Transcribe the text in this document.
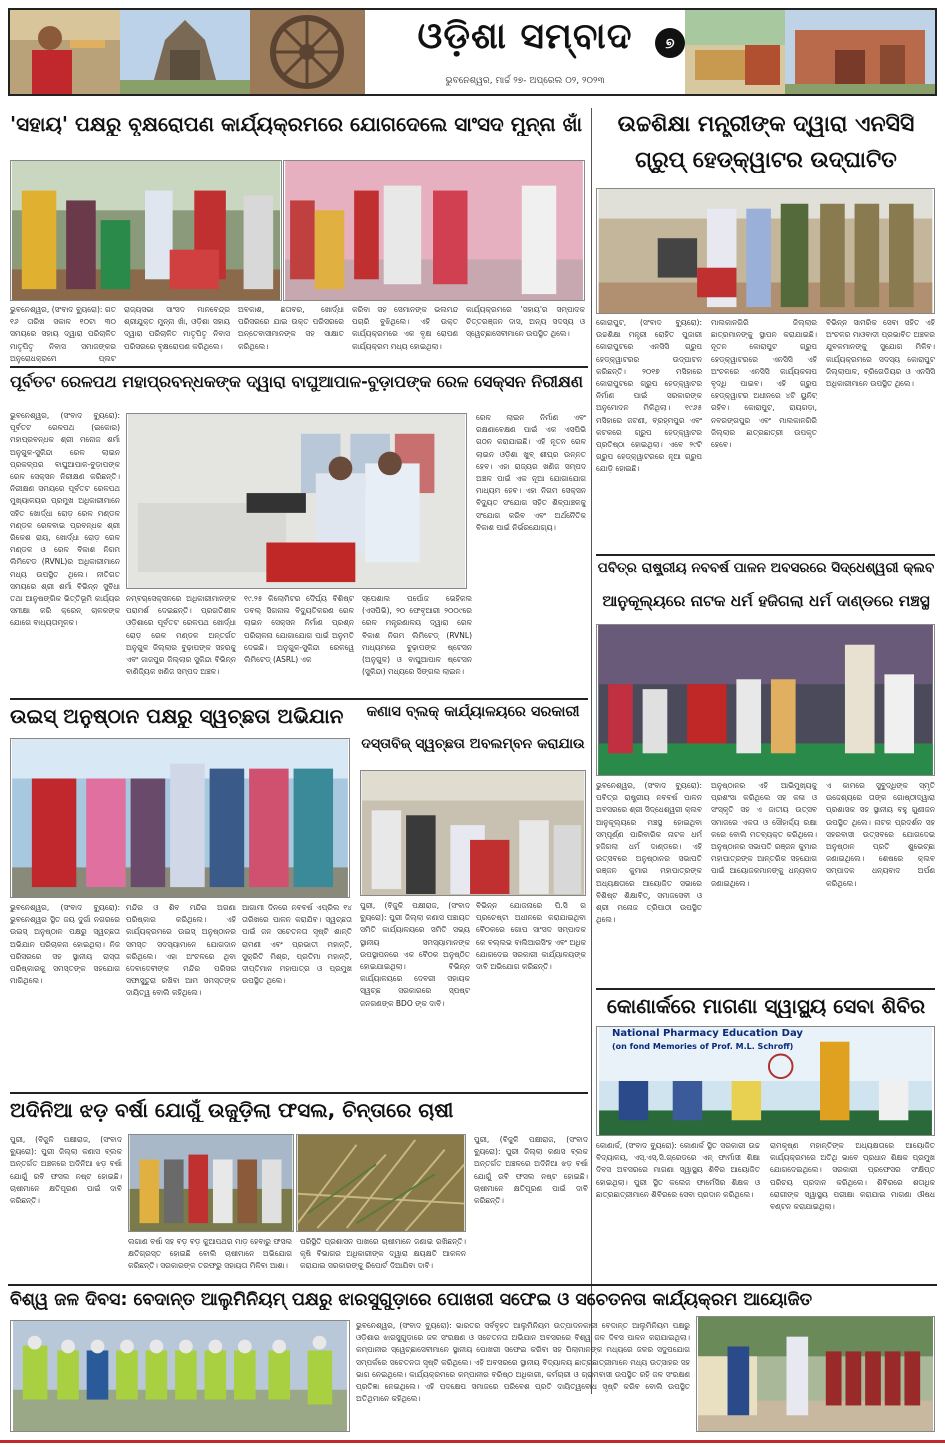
ଓଡ଼ିଶା ସମ୍ବାଦ	୭
ଭୁବନେଶ୍ୱର, ମାର୍ଚ୍ଚ ୨୭- ଅପ୍ରେଲ ୦୨, ୨୦୨୩
'ସହାୟ' ପକ୍ଷରୁ ବୃକ୍ଷରୋପଣ କାର୍ଯ୍ୟକ୍ରମରେ ଯୋଗଦେଲେ ସାଂସଦ ମୁନ୍ନା ଖାଁ
ଭୁବନେଶ୍ୱର, (ସଂବାଦ ବ୍ୟୁରୋ): ଗତ ୧୬ ତାରିଖ ସକାଳ ୧୦ଟା ୩୦ ସମୟରେ ସହାୟ ଦ୍ୱାରା ପରିଚାଳିତ ମାତୃପିତୃ ନିବାସ ସମାଜଙ୍କର ଅନୁରୋଧକ୍ରମେ ପ୍ଲଟ
ରାଜ୍ୟସଭା ସାଂସଦ ମାନବେନ୍ଦ୍ର ଶ୍ରୀଯୁକ୍ତ ମୁନ୍ନା ଖାଁ, ଓଡ଼ିଶା ସହାୟ ଦ୍ୱାରା ପରିଚାଳିତ ମାତୃପିତୃ ନିବାସ ପରିସରରେ ବୃକ୍ଷରୋପଣ କରିଥିଲେ।
ଅବକାଶ, ଛତାବର, ଖୋର୍ଦ୍ଧା ପରିସରରେ ଯାଇ ଉକ୍ତ ପରିସରରେ ଅନ୍ତେବାସୀମାନଙ୍କ ସହ ସାକ୍ଷାତ କରିଥିଲେ।
କରିବା ସହ ସେମାନଙ୍କ ଭଲମନ୍ଦ ପଚାରି ବୁଝିଥିଲେ। ଏହି ଉକ୍ତ କାର୍ଯ୍ୟକ୍ରମରେ ଏକ ବୃକ୍ଷ ରୋପଣ କାର୍ଯ୍ୟକ୍ରମ ମଧ୍ୟ ହୋଇଥିଲା।
କାର୍ଯ୍ୟକ୍ରମରେ 'ସହାୟ'ର ସମ୍ପାଦକ ଚିତ୍ତରଞ୍ଜନ ଦାସ, ଅନ୍ୟ ସଦସ୍ୟ ଓ ସ୍ୱେଚ୍ଛାସେବୀମାନେ ଉପସ୍ଥିତ ଥିଲେ।
ଉଚ୍ଚଶିକ୍ଷା ମନ୍ତ୍ରୀଙ୍କ ଦ୍ୱାରା ଏନସିସି
ଗ୍ରୁପ୍ ହେଡ୍‌କ୍ୱାଟର ଉଦ୍‌ଘାଟିତ
କୋରାପୁଟ, (ସଂବାଦ ବ୍ୟୁରୋ): ଉଚ୍ଚଶିକ୍ଷା ମନ୍ତ୍ରୀ ରୋହିତ ପୁଜାରୀ କୋରାପୁଟରେ ଏନସିସି ଗ୍ରୁପ ହେଡ୍‌କ୍ୱାଟରର ଉଦ୍‌ଘାଟନ କରିଛନ୍ତି। ୨୦୧୭ ମସିହାରେ କୋରାପୁଟରେ ଗ୍ରୁପ ହେଡ୍‌କ୍ୱାଟର ନିର୍ମାଣ ପାଇଁ ସରକାରଙ୍କ ଅନୁମୋଦନ ମିଳିଥିଲା। ୧୯୬୫ ମସିହାରେ ଜଟଣୀ, ବ୍ରହ୍ମପୁର ଏବଂ କଟକରେ ଗ୍ରୁପ ହେଡ୍‌କ୍ୱାଟର ପ୍ରତିଷ୍ଠା ହୋଇଥିଲା। ଏବେ ୨୯ଟି ଗ୍ରୁପ ହେଡ୍‌କ୍ୱାଟରରେ ନୂଆ ଗ୍ରୁପ ଯୋଡ଼ି ହୋଇଛି।
ମାଲକାନଗିରି ଜିଲ୍ଲାର ଛାତ୍ରମାନଙ୍କୁ ସ୍ଥାପନ କରାଯାଇଛି। ନୂତନ କୋରାପୁଟ ଗ୍ରୁପ ହେଡ୍‌କ୍ୱାଟରରେ ଏନସିସି ଏହି ଅଂଚଳରେ ଏନସିସି କାର୍ଯ୍ୟକଳାପ ବୃଦ୍ଧି ପାଇବ। ଏହି ଗ୍ରୁପ ହେଡ୍‌କ୍ୱାଟର ଅଧୀନରେ ୪ଟି ୟୁନିଟ୍ ରହିବ। କୋରାପୁଟ, ରାୟଗଡ଼ା, ନବରଙ୍ଗପୁର ଏବଂ ମାଲକାନଗିରି ଜିଲ୍ଲାର ଛାତ୍ରଛାତ୍ରୀ ଉପକୃତ ହେବେ।
ବିଭିନ୍ନ ସାମରିକ ସେବା ସହିତ ଏହି ଅଂଚଳର ମାଓବାଦୀ ପ୍ରଭାବିତ ଅଞ୍ଚଳର ଯୁବକମାନଙ୍କୁ ସୁଯୋଗ ମିଳିବ। କାର୍ଯ୍ୟକ୍ରମରେ ସଦସ୍ୟ କୋରାପୁଟ ଜିଲ୍ଲାପାଳ, ବ୍ରିଗେଡିୟର ଓ ଏନସିସି ଅଧିକାରୀମାନେ ଉପସ୍ଥିତ ଥିଲେ।
ପୂର୍ବତଟ ରେଳପଥ ମହାପ୍ରବନ୍ଧକଙ୍କ ଦ୍ୱାରା ବାଘୁଆପାଳ-ବୁଡ଼ାପଙ୍କ ରେଳ ସେକ୍ସନ ନିରୀକ୍ଷଣ
ଭୁବନେଶ୍ୱର, (ସଂବାଦ ବ୍ୟୁରୋ): ପୂର୍ବତଟ ରେଳପଥ (ଇକୋର) ମହାପ୍ରବନ୍ଧକ ଶ୍ରୀ ମନୋଜ ଶର୍ମା ଅନୁଗୁଳ-ସୁକିନ୍ଦା ରେଳ ଲାଇନ ପ୍ରକଳ୍ପର ବାଘୁଆପାଳ-ବୁଡ଼ାପଙ୍କ ରେଳ ସେକ୍ସନ ନିରୀକ୍ଷଣ କରିଛନ୍ତି। ନିରୀକ୍ଷଣ ସମୟରେ ପୂର୍ବତଟ ରେଳପଥ ମୁଖ୍ୟାଳୟର ପ୍ରମୁଖ ଅଧିକାରୀମାନେ ସହିତ ଖୋର୍ଦ୍ଧା ରୋଡ଼ ରେଳ ମଣ୍ଡଳ ମଣ୍ଡଳ ରେଳବାଇ ପ୍ରବନ୍ଧକ ଶ୍ରୀ ରିକେଶ ରାୟ, ଖୋର୍ଦ୍ଧା ରୋଡ଼ ରେଳ ମଣ୍ଡଳ ଓ ରେଳ ବିକାଶ ନିଗମ ଲିମିଟେଡ (RVNL)ର ଅଧିକାରୀମାନେ ମଧ୍ୟ ଉପସ୍ଥିତ ଥିଲେ। ନୀତିଗତ ସମୟରେ ଶ୍ରୀ ଶର୍ମା ବିଭିନ୍ନ ସୁବିଧା ତଥା ଆନୁଷଙ୍ଗିକ ଭିତ୍ତିଭୂମି କାର୍ଯ୍ୟର ସମୀକ୍ଷା କରି କ୍ରେନ୍ ଚାଳକଙ୍କ ଯୋଗେ ବାଧ୍ୟତାମୂଳକ।
ନମ୍ବର୍‌ସେକ୍ସନରେ ଅଧିକାରୀମାନଙ୍କ ପରାମର୍ଶ ଦେଇଛନ୍ତି। ପ୍ରଗତିଶୀଳ ଓଡ଼ିଶାରେ ପୂର୍ବତଟ ରେଳପଥ ଖୋର୍ଦ୍ଧା ରୋଡ଼ ରେଳ ମଣ୍ଡଳ ଅନ୍ତର୍ଗତ ଅନୁଗୁଳ ଜିଲ୍ଲାର ବୁଢ଼ାପଙ୍କ ସହରକୁ ଏବଂ ଜାଜପୁର ଜିଲ୍ଲାର ସୁକିନ୍ଦା ବିଭିନ୍ନ ବାଣିଜ୍ୟିକ ଖଣିଜ ସମ୍ପଦ ଅଞ୍ଚଳ।
୧୯.୨୫ କିଲୋମିଟର ଦୈର୍ଘ୍ୟ ବିଶିଷ୍ଟ ଡବଲ୍ ସିଗନାଲ ବିଦ୍ୟୁତିକରଣ ରେଳ ଲାଇନ ସେକ୍ସନ ନିର୍ମାଣ ପ୍ରଶ୍ନ ପରିଚାଳନା ଯୋଗାଯୋଗ ପାଇଁ ଅନୁମତି ଦେଇଛି। ଅନୁଗୁଳ-ସୁକିନ୍ଦା ରେଳୱେ ଲିମିଟେଡ୍ (ASRL) ଏକ
ସ୍ପେଶାଲ ପର୍ପୋଜ ଭେହିକଲ (ଏସପିଭି), ୨୦ ଫେବୃଆରୀ ୨୦୦୯ରେ ରେଳ ମନ୍ତ୍ରଣାଳୟ ଦ୍ୱାରା ରେଳ ବିକାଶ ନିଗମ ଲିମିଟେଡ୍ (RVNL) ମାଧ୍ୟମରେ ବୁଢ଼ାପଙ୍କ ଷ୍ଟେସନ (ଅନୁଗୁଳ) ଓ ବାଘୁଆପାଳ ଷ୍ଟେସନ (ସୁକିନ୍ଦା) ମଧ୍ୟରେ ସିଙ୍ଗଲ ଲାଇନ।
ରେଳ ଲାଇନ ନିର୍ମାଣ ଏବଂ ରକ୍ଷଣାବେକ୍ଷଣ ପାଇଁ ଏକ ଏସପିଭି ଗଠନ କରାଯାଇଛି। ଏହି ନୂତନ ରେଳ ଲାଇନ ଓଡ଼ିଶା ଖୁବ୍ ଶୀଘ୍ର ଉନ୍ନତ ହେବ। ଏହା ରାଜ୍ୟର ଖଣିଜ ସମ୍ପଦ ଅଞ୍ଚଳ ପାଇଁ ଏକ ନୂଆ ଯୋଗାଯୋଗ ମାଧ୍ୟମ ହେବ। ଏହା ନିଗମ ସେକ୍ସନ ବିଦ୍ୟୁତ ସଂଯୋଗ ସହିତ ଶିଳ୍ପାଞ୍ଚଳକୁ ସଂଯୋଗ କରିବ ଏବଂ ଅର୍ଥନୈତିକ ବିକାଶ ପାଇଁ ନିର୍ଭରଯୋଗ୍ୟ।
ପବିତ୍ର ରାଷ୍ଟ୍ରୀୟ ନବବର୍ଷ ପାଳନ ଅବସରରେ ସିଦ୍ଧେଶ୍ୱରୀ କ୍ଲବ
ଆନୁକୂଲ୍ୟରେ ନାଟକ ଧର୍ମ ହଜିଗଲା ଧର୍ମ ଦାଣ୍ଡରେ ମଞ୍ଚସ୍ଥ
ଭୁବନେଶ୍ୱର, (ସଂବାଦ ବ୍ୟୁରୋ): ପବିତ୍ର ରାଷ୍ଟ୍ରୀୟ ନବବର୍ଷ ପାଳନ ଅବସରରେ ଶ୍ରୀ ସିଦ୍ଧେଶ୍ୱରୀ କ୍ଲବ ଆନୁକୂଲ୍ୟରେ ମଞ୍ଚସ୍ଥ ହୋଇଥିବା ସମ୍ପୂର୍ଣ୍ଣ ପାରିବାରିକ ନାଟକ ଧର୍ମ ହଜିଗଲା ଧର୍ମ ଦାଣ୍ଡରେ। ଏହି ଉତ୍ସବରେ ଅନୁଷ୍ଠାନର ସଭାପତି ରଞ୍ଜନ କୁମାର ମହାପାତ୍ରଙ୍କ ଅଧ୍ୟକ୍ଷତାରେ ଆୟୋଜିତ ସଭାରେ ବିଶିଷ୍ଟ ଶିକ୍ଷାବିତ୍, ସମାଜସେବୀ ଓ ଶ୍ରୀ ମନୋଜ ତ୍ରିପାଠୀ ଉପସ୍ଥିତ ଥିଲେ।
ଅନୁଷ୍ଠାନର ଏହି ଆଭିମୁଖ୍ୟକୁ ପ୍ରଶଂସା କରିଥିଲେ ସହ କଳା ଓ ସଂସ୍କୃତି ସହ ଏ ଜାତୀୟ ଉତ୍ସବ ସମାଜରେ ଏକତା ଓ ସୌହାର୍ଦ୍ଦ୍ୟ ରକ୍ଷା କରେ ବୋଲି ମତବ୍ୟକ୍ତ କରିଥିଲେ। ଅନୁଷ୍ଠାନର ସଭାପତି ରଞ୍ଜନ କୁମାର ମହାପାତ୍ରଙ୍କ ଆନ୍ତରିକ ସହଯୋଗ ପାଇଁ ଆୟୋଜକମାନଙ୍କୁ ଧନ୍ୟବାଦ ଜଣାଇଥିଲେ।
ଏ କାମରେ ସୁବୁଦ୍ଧିଙ୍କ ସ୍ମୃତି ଉଦ୍ଦେଶ୍ୟରେ ତାଙ୍କ ଗୋଷ୍ଠୀଦ୍ୱାରା ପ୍ରଶାସକ ସହ ସ୍ଥାନୀୟ ବହୁ ଗୁଣୀଜନ ଉପସ୍ଥିତ ଥିଲେ। ନାଟକ ପ୍ରଦର୍ଶନ ସହ ସହରବାସୀ ଉତ୍ସବରେ ଯୋଗଦେଇ ଅନୁଷ୍ଠାନ ପ୍ରତି ଶୁଭେଚ୍ଛା ଜଣାଇଥିଲେ। ଶେଷରେ କ୍ଲବ ସମ୍ପାଦକ ଧନ୍ୟବାଦ ଅର୍ପଣ କରିଥିଲେ।
ଉଇସ୍ ଅନୁଷ୍ଠାନ ପକ୍ଷରୁ ସ୍ୱଚ୍ଛତା ଅଭିଯାନ
ଭୁବନେଶ୍ୱର, (ସଂବାଦ ବ୍ୟୁରୋ): ଭୁବନେଶ୍ୱର ସ୍ଥିତ ଜୟ ଦୁର୍ଗା ନଗରରେ ଉଇସ୍ ଅନୁଷ୍ଠାନ ପକ୍ଷରୁ ସ୍ୱଚ୍ଛତା ଅଭିଯାନ ପରିଚାଳନା ହୋଇଥିଲା। ନିଜ ପରିସରରେ ସହ ସ୍ଥାନୀୟ ରାସ୍ତା ପରିଷ୍କାରକୁ ସମସ୍ତଙ୍କ ସହଯୋଗ ମାଗିଥିଲେ।
ମନ୍ଦିର ଓ ଶିବ ମନ୍ଦିର ଅଗଣା ପରିଷ୍କାର କରିଥିଲେ। ଏହି କାର୍ଯ୍ୟକ୍ରମରେ ଉଇସ୍ ଅନୁଷ୍ଠାନର ସମସ୍ତ ସଦସ୍ୟାମାନେ ଯୋଗଦାନ କରିଥିଲେ। ଏହା ଅଂଚଳରେ ଥିବା ଦେବାଦେବୀଙ୍କ ମନ୍ଦିର ପରିସର ସଫାସୁତୁରା ରଖିବା ଆମ ସମସ୍ତଙ୍କ ଦାୟିତ୍ୱ ବୋଲି କହିଥିଲେ।
ଆଗାମୀ ଦିନରେ ନବବର୍ଷ ଏପ୍ରିଲ ୧୪ ତାରିଖରେ ପାଳନ କରାଯିବ। ସ୍ୱଚ୍ଛତା ପାଇଁ ଜନ ସଚେତନତା ସୃଷ୍ଟି ଶାନ୍ତି ରାମଣୀ ଏବଂ ପ୍ରଭାତୀ ମହାନ୍ତି, ସୁକ୍ରିତି ମିଶ୍ର, ପ୍ରତିମା ମହାନ୍ତି, ଦୀପ୍ତିମାନ ମହାପାତ୍ର ଓ ପ୍ରମୁଖ ଉପସ୍ଥିତ ଥିଲେ।
କଣାସ ବ୍ଲକ୍ କାର୍ଯ୍ୟାଳୟରେ ସରକାରୀ
ଦସ୍ତାବିଜ୍ ସ୍ୱଚ୍ଛତା ଅବଲମ୍ବନ କରାଯାଉ
ପୁରୀ, (ବିଜୁଳି ପକ୍ଷୀରାଜ, (ସଂବାଦ ବ୍ୟୁରୋ): ପୁରୀ ଜିଲ୍ଲା କଣାସ ପଞ୍ଚାୟତ ସମିତି କାର୍ଯ୍ୟାଳୟରେ ସମିତି ସଭ୍ୟ ସ୍ଥାନୀୟ ସମସ୍ୟାମାନଙ୍କ ଉପସ୍ଥାପନରେ ଏକ ବୈଠକ ଅନୁଷ୍ଠିତ ହୋଇଯାଇଥିଲା। ବିଭିନ୍ନ କାର୍ଯ୍ୟାଳୟରେ ଦେବରୀ ସହାୟକ ସ୍ୱଚ୍ଛ ସରକାରରେ ସ୍ପଷ୍ଟ ଜନଗଣଙ୍କ BDO ଙ୍କ ଦାବି।
ବିଭିନ୍ନ ଯୋଜନାରେ ପି.ସି ର ପ୍ରଚେଷ୍ଟା ଅଧୀନରେ କରାଯାଇଥିବା ବୈଠକରେ ଗୋପ ସାଂସଦ ସମ୍ପାଦକ କେ ବଲ୍ଲଭ ବାଲିଆରସିଂହ ଏବଂ ଅଧିକ ଯୋଗଦେଇ ସରକାରୀ କାର୍ଯ୍ୟାଳୟଙ୍କ ଦାବି ଅଭିଯୋଗ କରିଛନ୍ତି।
କୋଣାର୍କରେ ମାଗଣା ସ୍ୱାସ୍ଥ୍ୟ ସେବା ଶିବିର
National Pharmacy Education Day
(on fond Memories of Prof. M.L. Schroff)
କୋଣାର୍କ, (ସଂବାଦ ବ୍ୟୁରୋ): କୋଣାର୍କ ସ୍ଥିତ ସରକାରୀ ଉଚ୍ଚ ବିଦ୍ୟାଳୟ, ଏସ୍.ଏସ୍.ସି.ଗ୍ରେଡରେ ଏନ୍ ଫାର୍ମାସୀ ଶିକ୍ଷା ଦିବସ ଅବସରରେ ମାଗଣା ସ୍ୱାସ୍ଥ୍ୟ ଶିବିର ଆୟୋଜିତ ହୋଇଥିଲା। ପୁରୀ ସ୍ଥିତ କଲେଜ ଫାର୍ମେସିର ଶିକ୍ଷକ ଓ ଛାତ୍ରଛାତ୍ରୀମାନେ ଶିବିରରେ ସେବା ପ୍ରଦାନ କରିଥିଲେ।
ରାମକୃଷ୍ଣ ମହାନ୍ତିଙ୍କ ଅଧ୍ୟକ୍ଷତାରେ ଆୟୋଜିତ କାର୍ଯ୍ୟକ୍ରମରେ ଅତିଥି ଭାବେ ପ୍ରଧାନ ଶିକ୍ଷକ ପ୍ରମୁଖ ଯୋଗଦେଇଥିଲେ। ସରକାରୀ ପ୍ରଫେସର ସଂକ୍ଷିପ୍ତ ପରିଚୟ ପ୍ରଦାନ କରିଥିଲେ। ଶିବିରରେ ଶତାଧିକ ରୋଗୀଙ୍କ ସ୍ୱାସ୍ଥ୍ୟ ପରୀକ୍ଷା କରାଯାଇ ମାଗଣା ଔଷଧ ବଣ୍ଟନ କରାଯାଇଥିଲା।
ଅଦିନିଆ ଝଡ଼ ବର୍ଷା ଯୋଗୁଁ ଉଜୁଡ଼ିଲା ଫସଲ, ଚିନ୍ତାରେ ଚାଷୀ
ପୁରୀ, (ବିଜୁଳି ପକ୍ଷୀରାଜ, (ସଂବାଦ ବ୍ୟୁରୋ): ପୁରୀ ଜିଲ୍ଲା କଣାସ ବ୍ଲକ ଅନ୍ତର୍ଗତ ଅଞ୍ଚଳରେ ଅଦିନିଆ ଝଡ଼ ବର୍ଷା ଯୋଗୁଁ ରବି ଫସଲ ନଷ୍ଟ ହୋଇଛି। ଚାଷୀମାନେ କ୍ଷତିପୂରଣ ପାଇଁ ଦାବି କରିଛନ୍ତି।
ଲଗାଣ ବର୍ଷା ସହ ବଡ଼ ବଡ଼ କୁଆପଥର ମାଡ଼ ହେବାରୁ ଫସଲ କ୍ଷତିଗ୍ରସ୍ତ ହୋଇଛି ବୋଲି ଚାଷୀମାନେ ଅଭିଯୋଗ କରିଛନ୍ତି। ସରକାରଙ୍କ ତରଫରୁ ସହାୟତା ମିଳିବା ଆଶା।
ପରିସ୍ଥିତି ପ୍ରଶାସନ ପାଖରେ ଚାଷୀମାନେ ଜଣାଇ ରଖିଛନ୍ତି। କୃଷି ବିଭାଗର ଅଧିକାରୀଙ୍କ ଦ୍ୱାରା କ୍ଷୟକ୍ଷତି ଆକଳନ କରାଯାଇ ସରକାରଙ୍କୁ ରିପୋର୍ଟ ଦିଆଯିବା ଦାବି।
ପୁରୀ, (ବିଜୁଳି ପକ୍ଷୀରାଜ, (ସଂବାଦ ବ୍ୟୁରୋ): ପୁରୀ ଜିଲ୍ଲା କଣାସ ବ୍ଲକ ଅନ୍ତର୍ଗତ ଅଞ୍ଚଳରେ ଅଦିନିଆ ଝଡ଼ ବର୍ଷା ଯୋଗୁଁ ରବି ଫସଲ ନଷ୍ଟ ହୋଇଛି। ଚାଷୀମାନେ କ୍ଷତିପୂରଣ ପାଇଁ ଦାବି କରିଛନ୍ତି।
ବିଶ୍ୱ ଜଳ ଦିବସ: ବେଦାନ୍ତ ଆଲୁମିନିୟମ୍ ପକ୍ଷରୁ ଝାରସୁଗୁଡ଼ାରେ ପୋଖରୀ ସଫେଇ ଓ ସଚେତନତା କାର୍ଯ୍ୟକ୍ରମ ଆୟୋଜିତ
ଭୁବନେଶ୍ୱର, (ସଂବାଦ ବ୍ୟୁରୋ): ଭାରତର ସର୍ବବୃହତ ଆଲୁମିନିୟମ ଉତ୍ପାଦନକାରୀ ବେଦାନ୍ତ ଆଲୁମିନିୟମ ପକ୍ଷରୁ ଓଡ଼ିଶାର ଝାରସୁଗୁଡ଼ାରେ ଜଳ ସଂରକ୍ଷଣ ଓ ସଚେତନତା ଅଭିଯାନ ଅବସରରେ ବିଶ୍ୱ ଜଳ ଦିବସ ପାଳନ କରାଯାଇଥିଲା। କମ୍ପାନୀର ସ୍ୱେଚ୍ଛାସେବୀମାନେ ସ୍ଥାନୀୟ ପୋଖରୀ ସଫେଇ କରିବା ସହ ପିଲାମାନଙ୍କ ମଧ୍ୟରେ ଜଳର ସଦୁପଯୋଗ ସମ୍ପର୍କରେ ସଚେତନତା ସୃଷ୍ଟି କରିଥିଲେ। ଏହି ଅବସରରେ ସ୍ଥାନୀୟ ବିଦ୍ୟାଳୟ ଛାତ୍ରଛାତ୍ରୀମାନେ ମଧ୍ୟ ଉତ୍ସାହର ସହ ଭାଗ ନେଇଥିଲେ। କାର୍ଯ୍ୟକ୍ରମରେ କମ୍ପାନୀର ବରିଷ୍ଠ ଅଧିକାରୀ, କର୍ମଚାରୀ ଓ ଗ୍ରାମବାସୀ ଉପସ୍ଥିତ ରହି ଜଳ ସଂରକ୍ଷଣ ପ୍ରତିଜ୍ଞା ନେଇଥିଲେ। ଏହି ପଦକ୍ଷେପ ସମାଜରେ ପରିବେଶ ପ୍ରତି ଦାୟିତ୍ୱବୋଧ ସୃଷ୍ଟି କରିବ ବୋଲି ଉପସ୍ଥିତ ଅତିଥିମାନେ କହିଥିଲେ।
